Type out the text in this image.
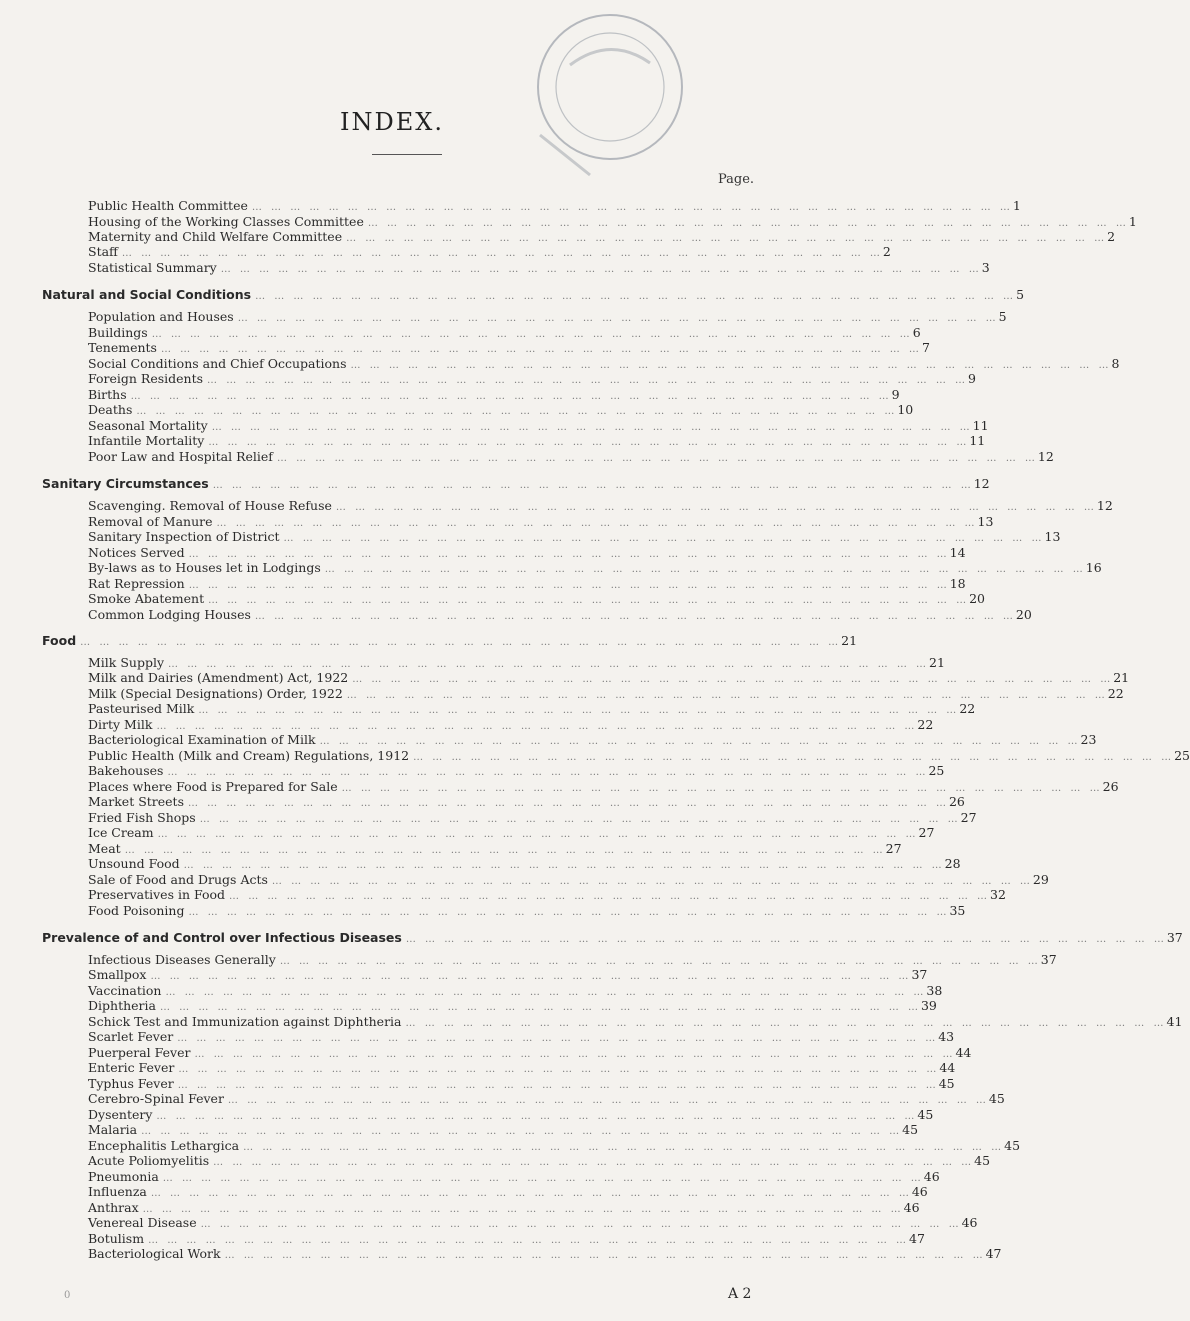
INDEX.
Page.
Public Health Committee … … … … … … … … … … … … … … … … … … … … … … … … … … … … … … … … … … … … … … … … 1
Housing of the Working Classes Committee … … … … … … … … … … … … … … … … … … … … … … … … … … … … … … … … … … … … … … … … 1
Maternity and Child Welfare Committee … … … … … … … … … … … … … … … … … … … … … … … … … … … … … … … … … … … … … … … … 2
Staff … … … … … … … … … … … … … … … … … … … … … … … … … … … … … … … … … … … … … … … … 2
Statistical Summary … … … … … … … … … … … … … … … … … … … … … … … … … … … … … … … … … … … … … … … … 3
Natural and Social Conditions … … … … … … … … … … … … … … … … … … … … … … … … … … … … … … … … … … … … … … … … 5
Population and Houses … … … … … … … … … … … … … … … … … … … … … … … … … … … … … … … … … … … … … … … … 5
Buildings … … … … … … … … … … … … … … … … … … … … … … … … … … … … … … … … … … … … … … … … 6
Tenements … … … … … … … … … … … … … … … … … … … … … … … … … … … … … … … … … … … … … … … … 7
Social Conditions and Chief Occupations … … … … … … … … … … … … … … … … … … … … … … … … … … … … … … … … … … … … … … … … 8
Foreign Residents … … … … … … … … … … … … … … … … … … … … … … … … … … … … … … … … … … … … … … … … 9
Births … … … … … … … … … … … … … … … … … … … … … … … … … … … … … … … … … … … … … … … … 9
Deaths … … … … … … … … … … … … … … … … … … … … … … … … … … … … … … … … … … … … … … … … 10
Seasonal Mortality … … … … … … … … … … … … … … … … … … … … … … … … … … … … … … … … … … … … … … … … 11
Infantile Mortality … … … … … … … … … … … … … … … … … … … … … … … … … … … … … … … … … … … … … … … … 11
Poor Law and Hospital Relief … … … … … … … … … … … … … … … … … … … … … … … … … … … … … … … … … … … … … … … … 12
Sanitary Circumstances … … … … … … … … … … … … … … … … … … … … … … … … … … … … … … … … … … … … … … … … 12
Scavenging. Removal of House Refuse … … … … … … … … … … … … … … … … … … … … … … … … … … … … … … … … … … … … … … … … 12
Removal of Manure … … … … … … … … … … … … … … … … … … … … … … … … … … … … … … … … … … … … … … … … 13
Sanitary Inspection of District … … … … … … … … … … … … … … … … … … … … … … … … … … … … … … … … … … … … … … … … 13
Notices Served … … … … … … … … … … … … … … … … … … … … … … … … … … … … … … … … … … … … … … … … 14
By-laws as to Houses let in Lodgings … … … … … … … … … … … … … … … … … … … … … … … … … … … … … … … … … … … … … … … … 16
Rat Repression … … … … … … … … … … … … … … … … … … … … … … … … … … … … … … … … … … … … … … … … 18
Smoke Abatement … … … … … … … … … … … … … … … … … … … … … … … … … … … … … … … … … … … … … … … … 20
Common Lodging Houses … … … … … … … … … … … … … … … … … … … … … … … … … … … … … … … … … … … … … … … … 20
Food … … … … … … … … … … … … … … … … … … … … … … … … … … … … … … … … … … … … … … … … 21
Milk Supply … … … … … … … … … … … … … … … … … … … … … … … … … … … … … … … … … … … … … … … … 21
Milk and Dairies (Amendment) Act, 1922 … … … … … … … … … … … … … … … … … … … … … … … … … … … … … … … … … … … … … … … … 21
Milk (Special Designations) Order, 1922 … … … … … … … … … … … … … … … … … … … … … … … … … … … … … … … … … … … … … … … … 22
Pasteurised Milk … … … … … … … … … … … … … … … … … … … … … … … … … … … … … … … … … … … … … … … … 22
Dirty Milk … … … … … … … … … … … … … … … … … … … … … … … … … … … … … … … … … … … … … … … … 22
Bacteriological Examination of Milk … … … … … … … … … … … … … … … … … … … … … … … … … … … … … … … … … … … … … … … … 23
Public Health (Milk and Cream) Regulations, 1912 … … … … … … … … … … … … … … … … … … … … … … … … … … … … … … … … … … … … … … … … 25
Bakehouses … … … … … … … … … … … … … … … … … … … … … … … … … … … … … … … … … … … … … … … … 25
Places where Food is Prepared for Sale … … … … … … … … … … … … … … … … … … … … … … … … … … … … … … … … … … … … … … … … 26
Market Streets … … … … … … … … … … … … … … … … … … … … … … … … … … … … … … … … … … … … … … … … 26
Fried Fish Shops … … … … … … … … … … … … … … … … … … … … … … … … … … … … … … … … … … … … … … … … 27
Ice Cream … … … … … … … … … … … … … … … … … … … … … … … … … … … … … … … … … … … … … … … … 27
Meat … … … … … … … … … … … … … … … … … … … … … … … … … … … … … … … … … … … … … … … … 27
Unsound Food … … … … … … … … … … … … … … … … … … … … … … … … … … … … … … … … … … … … … … … … 28
Sale of Food and Drugs Acts … … … … … … … … … … … … … … … … … … … … … … … … … … … … … … … … … … … … … … … … 29
Preservatives in Food … … … … … … … … … … … … … … … … … … … … … … … … … … … … … … … … … … … … … … … … 32
Food Poisoning … … … … … … … … … … … … … … … … … … … … … … … … … … … … … … … … … … … … … … … … 35
Prevalence of and Control over Infectious Diseases … … … … … … … … … … … … … … … … … … … … … … … … … … … … … … … … … … … … … … … … 37
Infectious Diseases Generally … … … … … … … … … … … … … … … … … … … … … … … … … … … … … … … … … … … … … … … … 37
Smallpox … … … … … … … … … … … … … … … … … … … … … … … … … … … … … … … … … … … … … … … … 37
Vaccination … … … … … … … … … … … … … … … … … … … … … … … … … … … … … … … … … … … … … … … … 38
Diphtheria … … … … … … … … … … … … … … … … … … … … … … … … … … … … … … … … … … … … … … … … 39
Schick Test and Immunization against Diphtheria … … … … … … … … … … … … … … … … … … … … … … … … … … … … … … … … … … … … … … … … 41
Scarlet Fever … … … … … … … … … … … … … … … … … … … … … … … … … … … … … … … … … … … … … … … … 43
Puerperal Fever … … … … … … … … … … … … … … … … … … … … … … … … … … … … … … … … … … … … … … … … 44
Enteric Fever … … … … … … … … … … … … … … … … … … … … … … … … … … … … … … … … … … … … … … … … 44
Typhus Fever … … … … … … … … … … … … … … … … … … … … … … … … … … … … … … … … … … … … … … … … 45
Cerebro-Spinal Fever … … … … … … … … … … … … … … … … … … … … … … … … … … … … … … … … … … … … … … … … 45
Dysentery … … … … … … … … … … … … … … … … … … … … … … … … … … … … … … … … … … … … … … … … 45
Malaria … … … … … … … … … … … … … … … … … … … … … … … … … … … … … … … … … … … … … … … … 45
Encephalitis Lethargica … … … … … … … … … … … … … … … … … … … … … … … … … … … … … … … … … … … … … … … … 45
Acute Poliomyelitis … … … … … … … … … … … … … … … … … … … … … … … … … … … … … … … … … … … … … … … … 45
Pneumonia … … … … … … … … … … … … … … … … … … … … … … … … … … … … … … … … … … … … … … … … 46
Influenza … … … … … … … … … … … … … … … … … … … … … … … … … … … … … … … … … … … … … … … … 46
Anthrax … … … … … … … … … … … … … … … … … … … … … … … … … … … … … … … … … … … … … … … … 46
Venereal Disease … … … … … … … … … … … … … … … … … … … … … … … … … … … … … … … … … … … … … … … … 46
Botulism … … … … … … … … … … … … … … … … … … … … … … … … … … … … … … … … … … … … … … … … 47
Bacteriological Work … … … … … … … … … … … … … … … … … … … … … … … … … … … … … … … … … … … … … … … … 47
A 2
0
